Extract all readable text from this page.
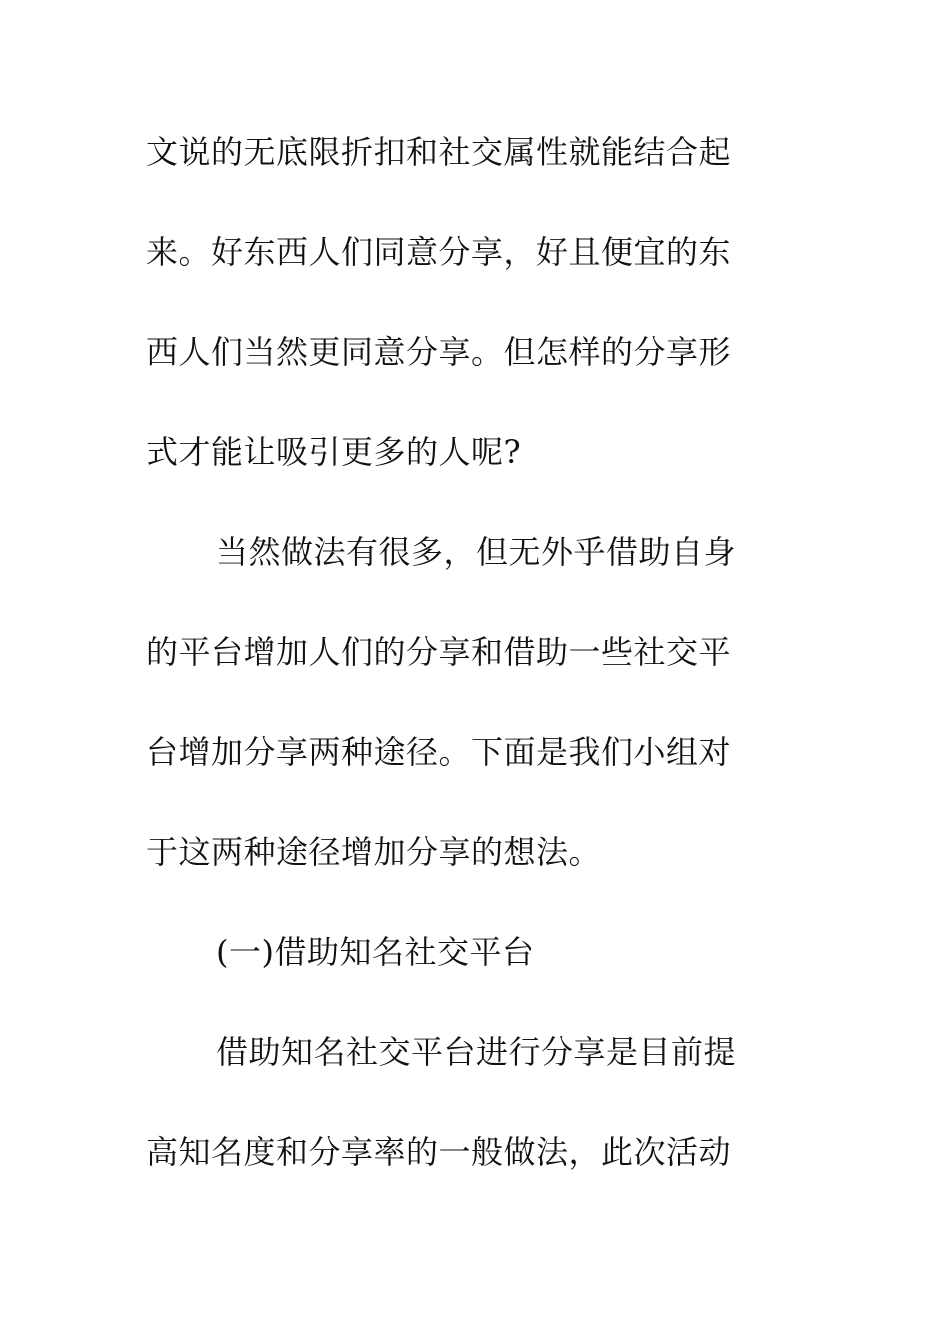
文说的无底限折扣和社交属性就能结合起
来。好东西人们同意分享，好且便宜的东
西人们当然更同意分享。但怎样的分享形
式才能让吸引更多的人呢?
当然做法有很多，但无外乎借助自身
的平台增加人们的分享和借助一些社交平
台增加分享两种途径。下面是我们小组对
于这两种途径增加分享的想法。
(一)借助知名社交平台
借助知名社交平台进行分享是目前提
高知名度和分享率的一般做法，此次活动
